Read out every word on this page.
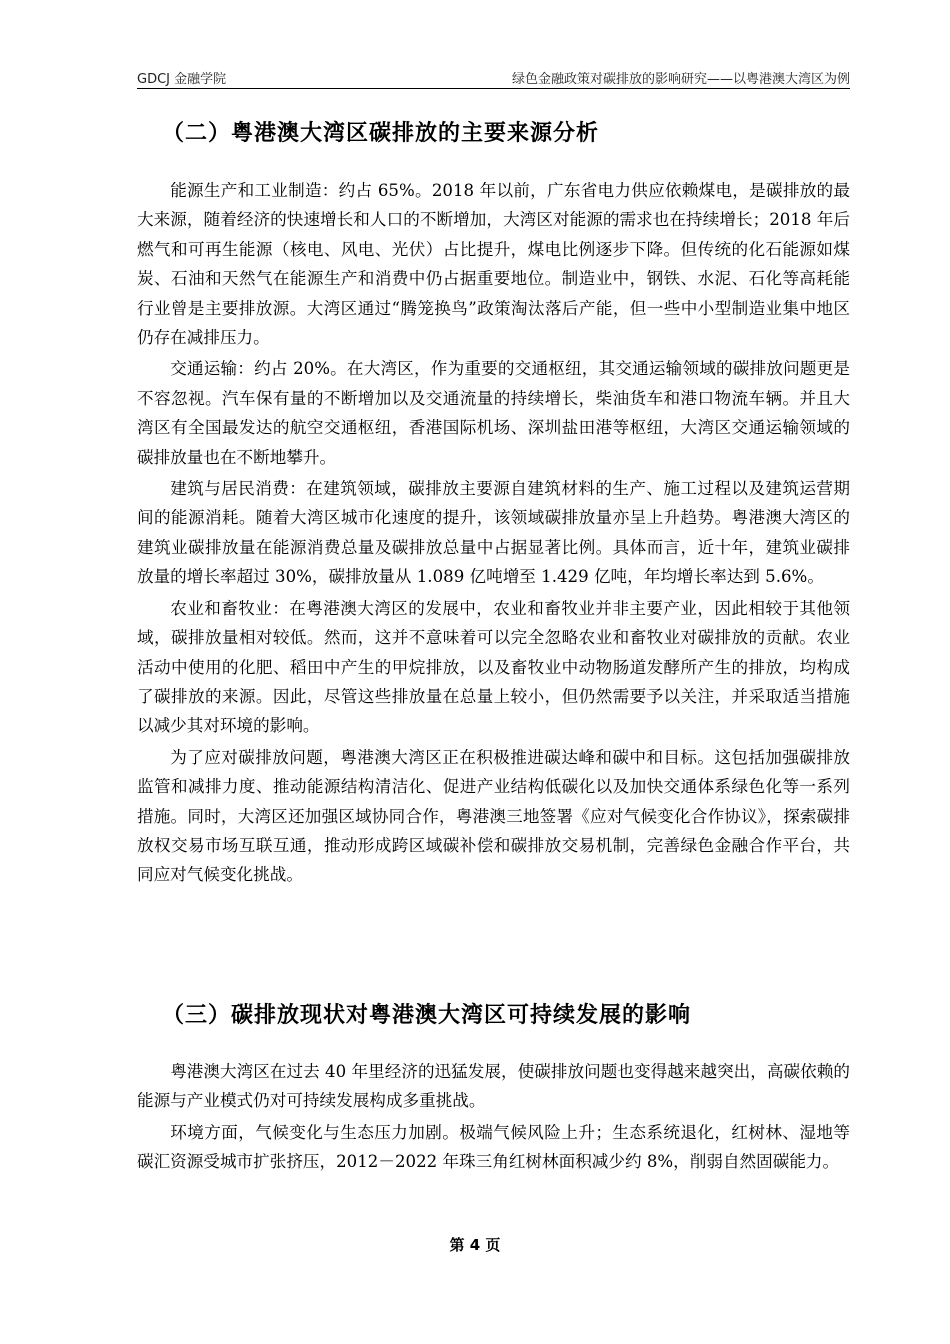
GDCJ 金融学院	绿色金融政策对碳排放的影响研究——以粤港澳大湾区为例
（二）粤港澳大湾区碳排放的主要来源分析

能源生产和工业制造：约占 65%。2018 年以前，广东省电力供应依赖煤电，是碳排放的最大来源，随着经济的快速增长和人口的不断增加，大湾区对能源的需求也在持续增长；2018 年后燃气和可再生能源（核电、风电、光伏）占比提升，煤电比例逐步下降。但传统的化石能源如煤炭、石油和天然气在能源生产和消费中仍占据重要地位。制造业中，钢铁、水泥、石化等高耗能行业曾是主要排放源。大湾区通过“腾笼换鸟”政策淘汰落后产能，但一些中小型制造业集中地区仍存在减排压力。

交通运输：约占 20%。在大湾区，作为重要的交通枢纽，其交通运输领域的碳排放问题更是不容忽视。汽车保有量的不断增加以及交通流量的持续增长，柴油货车和港口物流车辆。并且大湾区有全国最发达的航空交通枢纽，香港国际机场、深圳盐田港等枢纽，大湾区交通运输领域的碳排放量也在不断地攀升。

建筑与居民消费：在建筑领域，碳排放主要源自建筑材料的生产、施工过程以及建筑运营期间的能源消耗。随着大湾区城市化速度的提升，该领域碳排放量亦呈上升趋势。粤港澳大湾区的建筑业碳排放量在能源消费总量及碳排放总量中占据显著比例。具体而言，近十年，建筑业碳排放量的增长率超过 30%，碳排放量从 1.089 亿吨增至 1.429 亿吨，年均增长率达到 5.6%。

农业和畜牧业：在粤港澳大湾区的发展中，农业和畜牧业并非主要产业，因此相较于其他领域，碳排放量相对较低。然而，这并不意味着可以完全忽略农业和畜牧业对碳排放的贡献。农业活动中使用的化肥、稻田中产生的甲烷排放，以及畜牧业中动物肠道发酵所产生的排放，均构成了碳排放的来源。因此，尽管这些排放量在总量上较小，但仍然需要予以关注，并采取适当措施以减少其对环境的影响。

为了应对碳排放问题，粤港澳大湾区正在积极推进碳达峰和碳中和目标。这包括加强碳排放监管和减排力度、推动能源结构清洁化、促进产业结构低碳化以及加快交通体系绿色化等一系列措施。同时，大湾区还加强区域协同合作，粤港澳三地签署《应对气候变化合作协议》，探索碳排放权交易市场互联互通，推动形成跨区域碳补偿和碳排放交易机制，完善绿色金融合作平台，共同应对气候变化挑战。

（三）碳排放现状对粤港澳大湾区可持续发展的影响

粤港澳大湾区在过去 40 年里经济的迅猛发展，使碳排放问题也变得越来越突出，高碳依赖的能源与产业模式仍对可持续发展构成多重挑战。

环境方面，气候变化与生态压力加剧。极端气候风险上升；生态系统退化，红树林、湿地等碳汇资源受城市扩张挤压，2012－2022 年珠三角红树林面积减少约 8%，削弱自然固碳能力。

第 4 页
